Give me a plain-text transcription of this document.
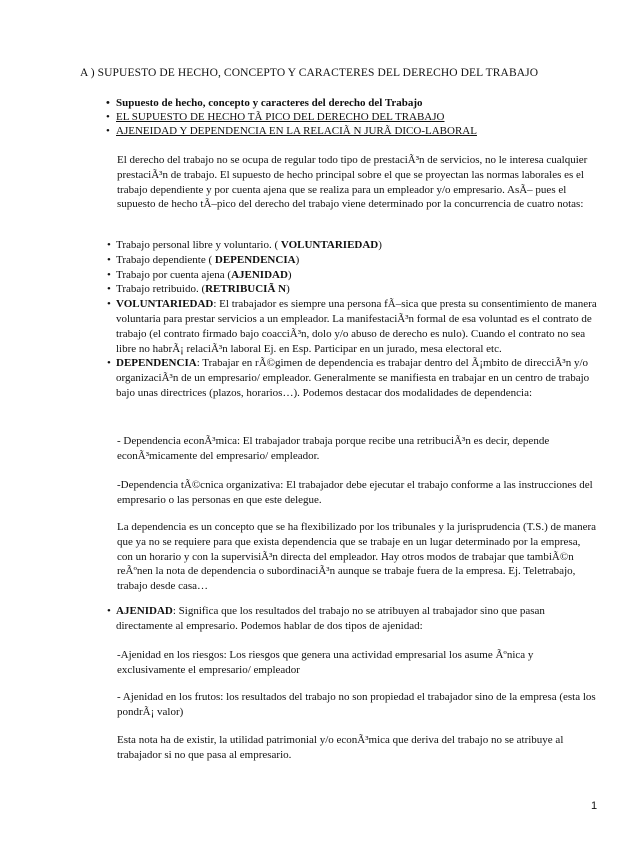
A ) SUPUESTO DE HECHO, CONCEPTO Y CARACTERES DEL DERECHO DEL TRABAJO
• Supuesto de hecho, concepto y caracteres del derecho del Trabajo
• EL SUPUESTO DE HECHO TÃ PICO DEL DERECHO DEL TRABAJO
• AJENEIDAD Y DEPENDENCIA EN LA RELACIÃ N JURÃ DICO-LABORAL

El derecho del trabajo no se ocupa de regular todo tipo de prestaciÃ³n de servicios, no le interesa cualquier prestaciÃ³n de trabajo. El supuesto de hecho principal sobre el que se proyectan las normas laborales es el trabajo dependiente y por cuenta ajena que se realiza para un empleador y/o empresario. AsÃ– pues el supuesto de hecho tÃ–pico del derecho del trabajo viene determinado por la concurrencia de cuatro notas:

• Trabajo personal libre y voluntario. ( VOLUNTARIEDAD)
• Trabajo dependiente ( DEPENDENCIA)
• Trabajo por cuenta ajena (AJENIDAD)
• Trabajo retribuido. (RETRIBUCIÃ N)
• VOLUNTARIEDAD: El trabajador es siempre una persona fÃ–sica que presta su consentimiento de manera voluntaria para prestar servicios a un empleador. La manifestaciÃ³n formal de esa voluntad es el contrato de trabajo (el contrato firmado bajo coacciÃ³n, dolo y/o abuso de derecho es nulo). Cuando el contrato no sea libre no habrÃ¡ relaciÃ³n laboral Ej. en Esp. Participar en un jurado, mesa electoral etc.
• DEPENDENCIA: Trabajar en rÃ©gimen de dependencia es trabajar dentro del Ã¡mbito de direcciÃ³n y/o organizaciÃ³n de un empresario/ empleador. Generalmente se manifiesta en trabajar en un centro de trabajo bajo unas directrices (plazos, horarios…). Podemos destacar dos modalidades de dependencia:

- Dependencia econÃ³mica: El trabajador trabaja porque recibe una retribuciÃ³n es decir, depende econÃ³micamente del empresario/ empleador.

-Dependencia tÃ©cnica organizativa: El trabajador debe ejecutar el trabajo conforme a las instrucciones del empresario o las personas en que este delegue.

La dependencia es un concepto que se ha flexibilizado por los tribunales y la jurisprudencia (T.S.) de manera que ya no se requiere para que exista dependencia que se trabaje en un lugar determinado por la empresa, con un horario y con la supervisiÃ³n directa del empleador. Hay otros modos de trabajar que tambiÃ©n reÃºnen la nota de dependencia o subordinaciÃ³n aunque se trabaje fuera de la empresa. Ej. Teletrabajo, trabajo desde casa…

• AJENIDAD: Significa que los resultados del trabajo no se atribuyen al trabajador sino que pasan directamente al empresario. Podemos hablar de dos tipos de ajenidad:

-Ajenidad en los riesgos: Los riesgos que genera una actividad empresarial los asume Ãºnica y exclusivamente el empresario/ empleador

- Ajenidad en los frutos: los resultados del trabajo no son propiedad el trabajador sino de la empresa (esta los pondrÃ¡ valor)

Esta nota ha de existir, la utilidad patrimonial y/o econÃ³mica que deriva del trabajo no se atribuye al trabajador si no que pasa al empresario.

1
